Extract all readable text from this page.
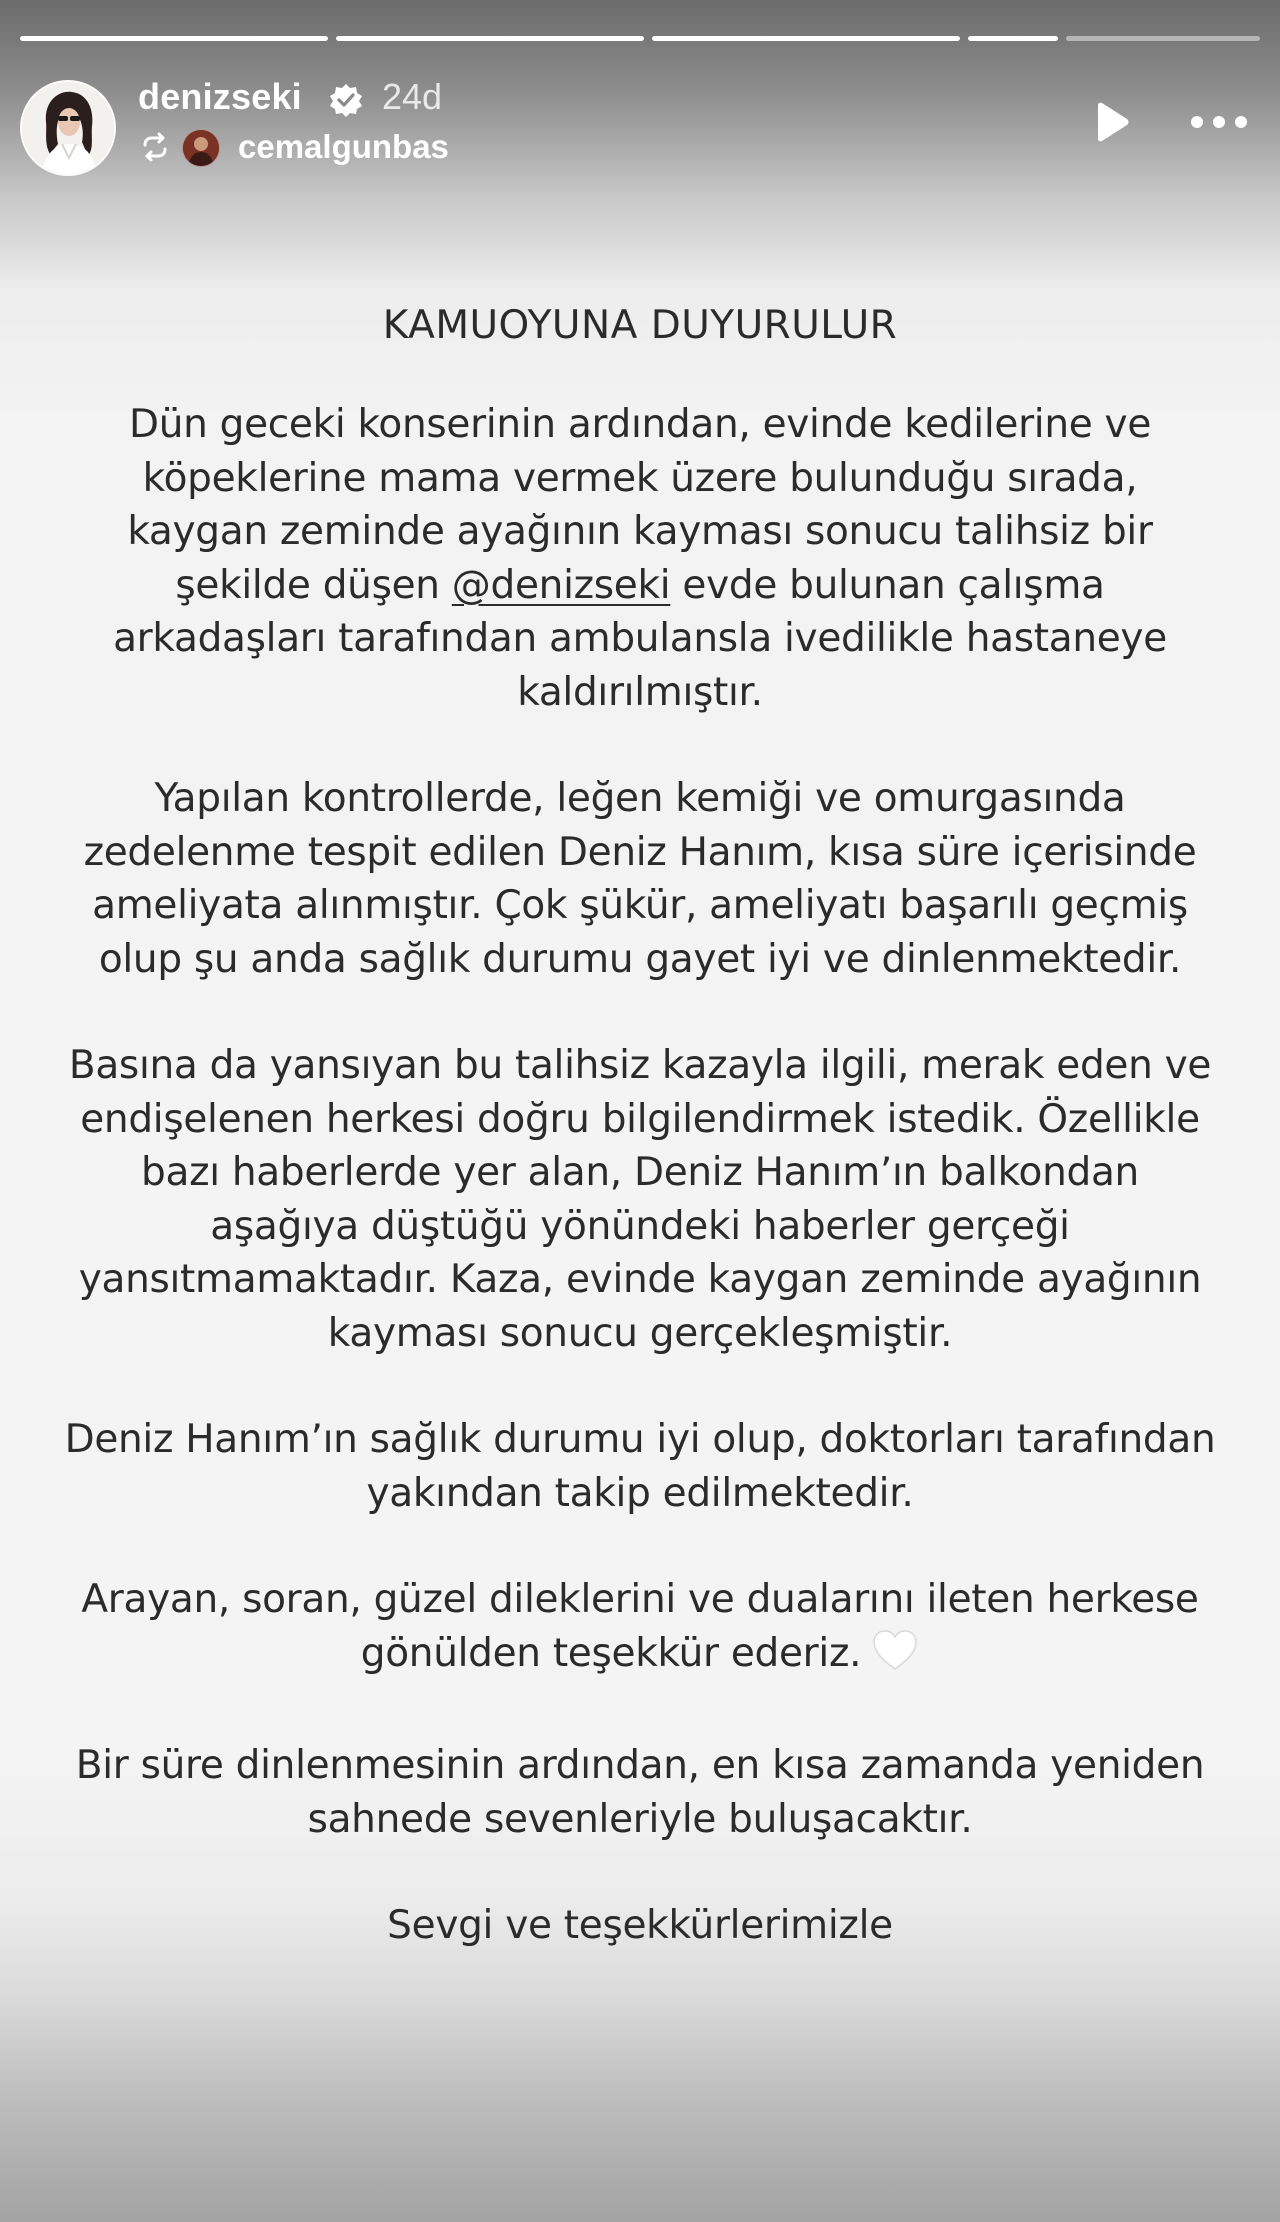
denizseki 24d
cemalgunbas
KAMUOYUNA DUYURULUR
Dün geceki konserinin ardından, evinde kedilerine ve
köpeklerine mama vermek üzere bulunduğu sırada,
kaygan zeminde ayağının kayması sonucu talihsiz bir
şekilde düşen @denizseki evde bulunan çalışma
arkadaşları tarafından ambulansla ivedilikle hastaneye
kaldırılmıştır.
Yapılan kontrollerde, leğen kemiği ve omurgasında
zedelenme tespit edilen Deniz Hanım, kısa süre içerisinde
ameliyata alınmıştır. Çok şükür, ameliyatı başarılı geçmiş
olup şu anda sağlık durumu gayet iyi ve dinlenmektedir.
Basına da yansıyan bu talihsiz kazayla ilgili, merak eden ve
endişelenen herkesi doğru bilgilendirmek istedik. Özellikle
bazı haberlerde yer alan, Deniz Hanım’ın balkondan
aşağıya düştüğü yönündeki haberler gerçeği
yansıtmamaktadır. Kaza, evinde kaygan zeminde ayağının
kayması sonucu gerçekleşmiştir.
Deniz Hanım’ın sağlık durumu iyi olup, doktorları tarafından
yakından takip edilmektedir.
Arayan, soran, güzel dileklerini ve dualarını ileten herkese
gönülden teşekkür ederiz.
Bir süre dinlenmesinin ardından, en kısa zamanda yeniden
sahnede sevenleriyle buluşacaktır.
Sevgi ve teşekkürlerimizle
